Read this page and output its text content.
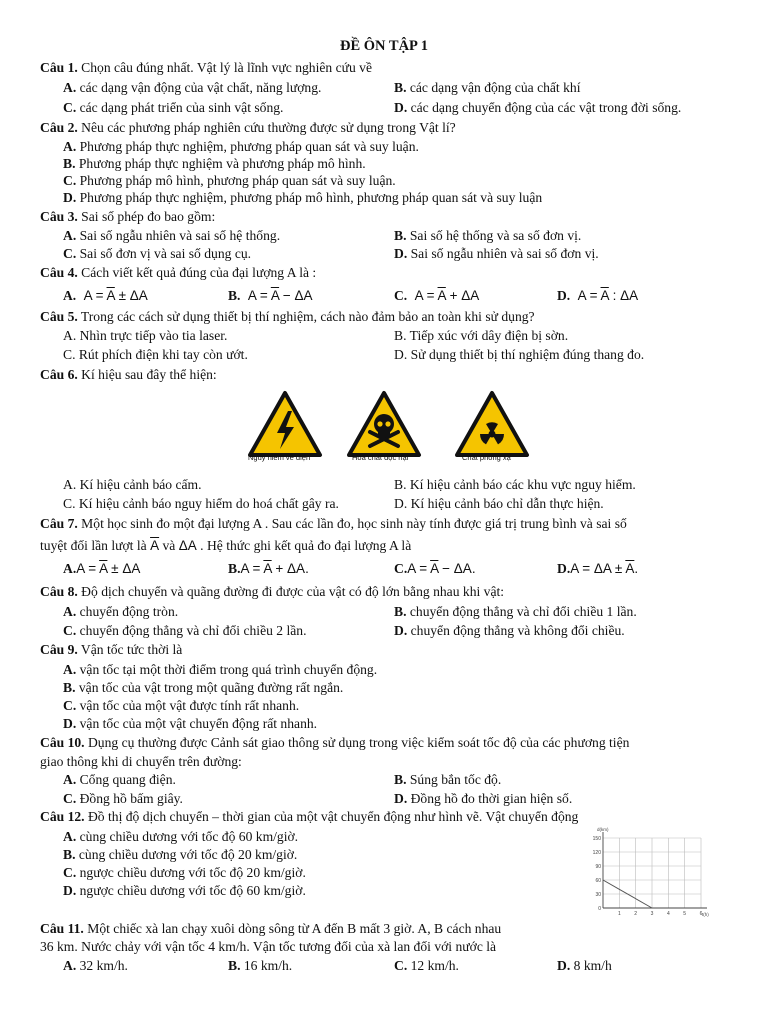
ĐỀ ÔN TẬP 1
Câu 1. Chọn câu đúng nhất. Vật lý là lĩnh vực nghiên cứu về
A. các dạng vận động của vật chất, năng lượng.	B. các dạng vận động của chất khí
C. các dạng phát triển của sinh vật sống.	D. các dạng chuyển động của các vật trong đời sống.
Câu 2. Nêu các phương pháp nghiên cứu thường được sử dụng trong Vật lí?
A. Phương pháp thực nghiệm, phương pháp quan sát và suy luận.
B. Phương pháp thực nghiệm và phương pháp mô hình.
C. Phương pháp mô hình, phương pháp quan sát và suy luận.
D. Phương pháp thực nghiệm, phương pháp mô hình, phương pháp quan sát và suy luận
Câu 3. Sai số phép đo bao gồm:
A. Sai số ngẫu nhiên và sai số hệ thống.	B. Sai số hệ thống và sa số đơn vị.
C. Sai số đơn vị và sai số dụng cụ.	D. Sai số ngẫu nhiên và sai số đơn vị.
Câu 4. Cách viết kết quả đúng của đại lượng A là :
A. $A = \overline{A} \pm \Delta A$	B. $A = \overline{A} - \Delta A$	C. $A = \overline{A} + \Delta A$	D. $A = \overline{A}$ : ΔA
Câu 5. Trong các cách sử dụng thiết bị thí nghiệm, cách nào đảm bảo an toàn khi sử dụng?
A. Nhìn trực tiếp vào tia laser.	B. Tiếp xúc với dây điện bị sờn.
C. Rút phích điện khi tay còn ướt.	D. Sử dụng thiết bị thí nghiệm đúng thang đo.
Câu 6. Kí hiệu sau đây thể hiện:
Nguy hiểm về điện	Hoá chất độc hại	Chất phóng xạ
A. Kí hiệu cảnh báo cấm.	B. Kí hiệu cảnh báo các khu vực nguy hiểm.
C. Kí hiệu cảnh báo nguy hiểm do hoá chất gây ra.	D. Kí hiệu cảnh báo chỉ dẫn thực hiện.
Câu 7. Một học sinh đo một đại lượng A . Sau các lần đo, học sinh này tính được giá trị trung bình và sai số
tuyệt đối lần lượt là $\overline{A}$ và ΔA . Hệ thức ghi kết quả đo đại lượng A là
$A.A = \overline{A} \pm \Delta A$	$B.A = \overline{A} + \Delta A$.	$C.A = \overline{A} - \Delta A$.	$D.A = \Delta A \pm \overline{A}$.
Câu 8. Độ dịch chuyển và quãng đường đi được của vật có độ lớn bằng nhau khi vật:
A. chuyển động tròn.	B. chuyển động thẳng và chỉ đổi chiều 1 lần.
C. chuyển động thẳng và chỉ đổi chiều 2 lần.	D. chuyển động thẳng và không đổi chiều.
Câu 9. Vận tốc tức thời là
A. vận tốc tại một thời điểm trong quá trình chuyển động.
B. vận tốc của vật trong một quãng đường rất ngắn.
C. vận tốc của một vật được tính rất nhanh.
D. vận tốc của một vật chuyển động rất nhanh.
Câu 10. Dụng cụ thường được Cảnh sát giao thông sử dụng trong việc kiểm soát tốc độ của các phương tiện
giao thông khi di chuyển trên đường:
A. Cổng quang điện.	B. Súng bắn tốc độ.
C. Đồng hồ bấm giây.	D. Đồng hồ đo thời gian hiện số.
Câu 12. Đồ thị độ dịch chuyển – thời gian của một vật chuyển động như hình vẽ. Vật chuyển động
A. cùng chiều dương với tốc độ 60 km/giờ.
B. cùng chiều dương với tốc độ 20 km/giờ.
C. ngược chiều dương với tốc độ 20 km/giờ.
D. ngược chiều dương với tốc độ 60 km/giờ.
150
120
90
60
30
0
1	2	3	4	5	6
d(km)
t(h)
Câu 11. Một chiếc xà lan chạy xuôi dòng sông từ A đến B mất 3 giờ. A, B cách nhau
36 km. Nước chảy với vận tốc 4 km/h. Vận tốc tương đối của xà lan đối với nước là
A. 32 km/h.	B. 16 km/h.	C. 12 km/h.	D. 8 km/h
